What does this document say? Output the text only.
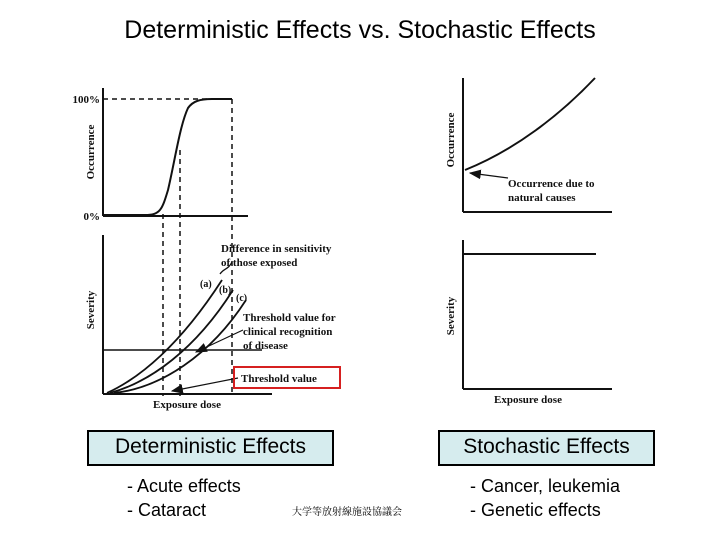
Deterministic Effects vs. Stochastic Effects
100%
0%
Occurrence
Severity
Difference in sensitivity
of those exposed
(a)
(b)
(c)
Threshold value for
clinical recognition
of disease
Threshold value
Exposure dose
Occurrence
Occurrence due to
natural causes
Severity
Exposure dose
Deterministic Effects	Stochastic Effects
- Acute effects
- Cataract
- Cancer, leukemia
- Genetic effects
大学等放射線施設協議会
